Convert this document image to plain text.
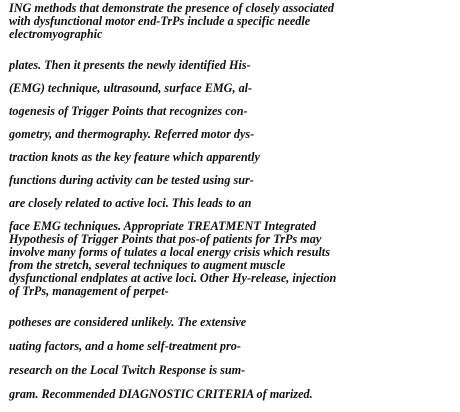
ING methods that demonstrate the presence of closely associated

with dysfunctional motor end-TrPs include a specific needle

electromyographic

plates. Then it presents the newly identified His-

(EMG) technique, ultrasound, surface EMG, al-

togenesis of Trigger Points that recognizes con-

gometry, and thermography. Referred motor dys-

traction knots as the key feature which apparently

functions during activity can be tested using sur-

are closely related to active loci. This leads to an

face EMG techniques. Appropriate TREATMENT Integrated

Hypothesis of Trigger Points that pos-of patients for TrPs may

involve many forms of tulates a local energy crisis which results

from the stretch, several techniques to augment muscle

dysfunctional endplates at active loci. Other Hy-release, injection

of TrPs, management of perpet-

potheses are considered unlikely. The extensive

uating factors, and a home self-treatment pro-

research on the Local Twitch Response is sum-

gram. Recommended DIAGNOSTIC CRITERIA of marized.
